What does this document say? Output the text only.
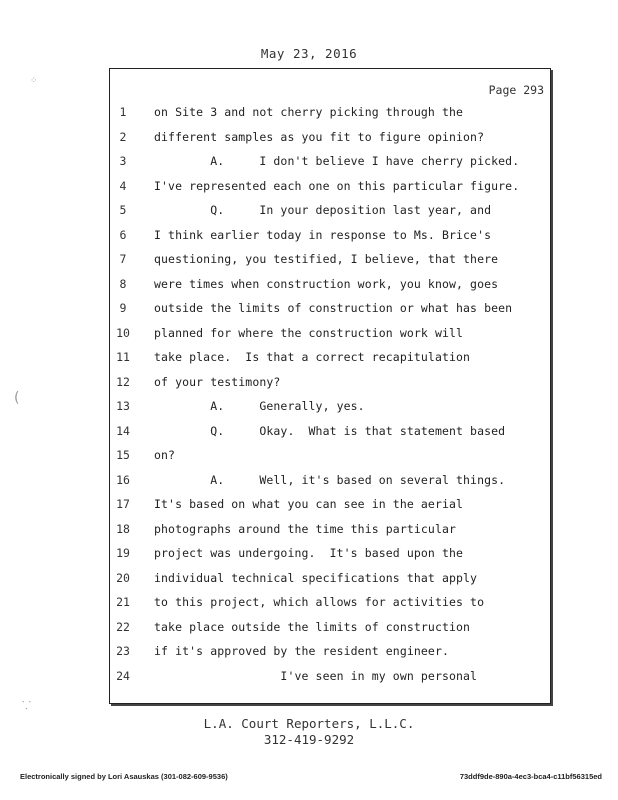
May 23, 2016
Page 293
1	on Site 3 and not cherry picking through the
2	different samples as you fit to figure opinion?
3	A.     I don't believe I have cherry picked.
4	I've represented each one on this particular figure.
5	Q.     In your deposition last year, and
6	I think earlier today in response to Ms. Brice's
7	questioning, you testified, I believe, that there
8	were times when construction work, you know, goes
9	outside the limits of construction or what has been
10	planned for where the construction work will
11	take place.  Is that a correct recapitulation
12	of your testimony?
13	A.     Generally, yes.
14	Q.     Okay.  What is that statement based
15	on?
16	A.     Well, it's based on several things.
17	It's based on what you can see in the aerial
18	photographs around the time this particular
19	project was undergoing.  It's based upon the
20	individual technical specifications that apply
21	to this project, which allows for activities to
22	take place outside the limits of construction
23	if it's approved by the resident engineer.
24	I've seen in my own personal
L.A. Court Reporters, L.L.C.
312-419-9292
Electronically signed by Lori Asauskas (301-082-609-9536)	73ddf9de-890a-4ec3-bca4-c11bf56315ed
⁘
(
⸪
